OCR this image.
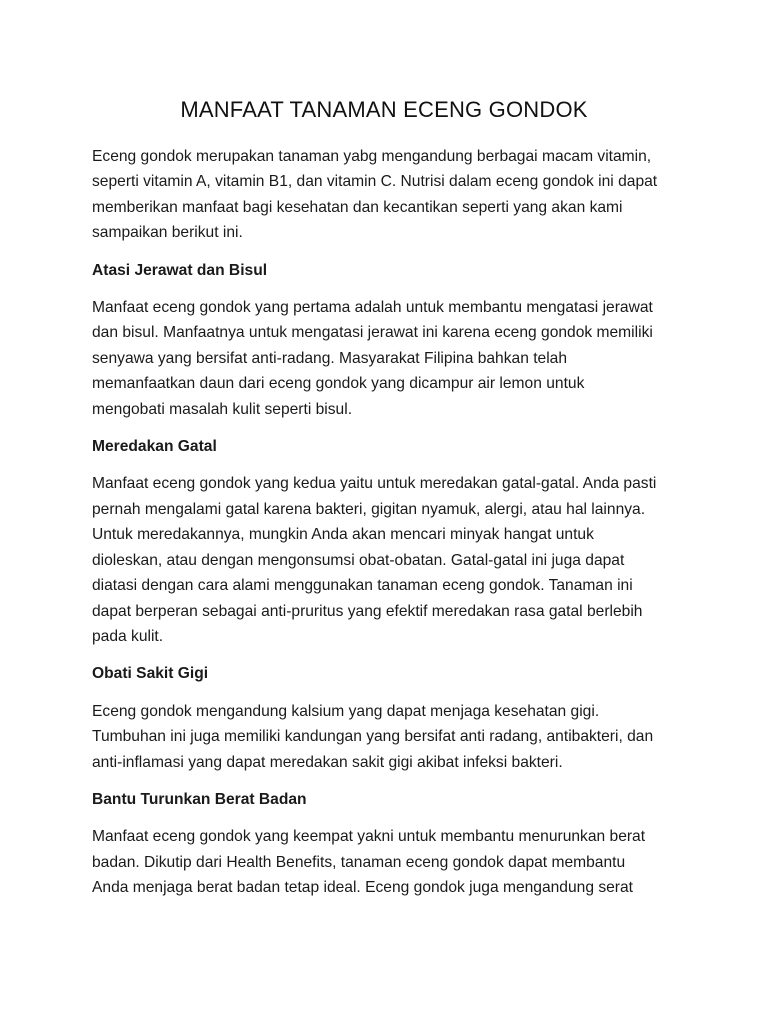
MANFAAT TANAMAN ECENG GONDOK

Eceng gondok merupakan tanaman yabg mengandung berbagai macam vitamin,
seperti vitamin A, vitamin B1, dan vitamin C. Nutrisi dalam eceng gondok ini dapat
memberikan manfaat bagi kesehatan dan kecantikan seperti yang akan kami
sampaikan berikut ini.

Atasi Jerawat dan Bisul

Manfaat eceng gondok yang pertama adalah untuk membantu mengatasi jerawat
dan bisul. Manfaatnya untuk mengatasi jerawat ini karena eceng gondok memiliki
senyawa yang bersifat anti-radang. Masyarakat Filipina bahkan telah
memanfaatkan daun dari eceng gondok yang dicampur air lemon untuk
mengobati masalah kulit seperti bisul.

Meredakan Gatal

Manfaat eceng gondok yang kedua yaitu untuk meredakan gatal-gatal. Anda pasti
pernah mengalami gatal karena bakteri, gigitan nyamuk, alergi, atau hal lainnya.
Untuk meredakannya, mungkin Anda akan mencari minyak hangat untuk
dioleskan, atau dengan mengonsumsi obat-obatan. Gatal-gatal ini juga dapat
diatasi dengan cara alami menggunakan tanaman eceng gondok. Tanaman ini
dapat berperan sebagai anti-pruritus yang efektif meredakan rasa gatal berlebih
pada kulit.

Obati Sakit Gigi

Eceng gondok mengandung kalsium yang dapat menjaga kesehatan gigi.
Tumbuhan ini juga memiliki kandungan yang bersifat anti radang, antibakteri, dan
anti-inflamasi yang dapat meredakan sakit gigi akibat infeksi bakteri.

Bantu Turunkan Berat Badan

Manfaat eceng gondok yang keempat yakni untuk membantu menurunkan berat
badan. Dikutip dari Health Benefits, tanaman eceng gondok dapat membantu
Anda menjaga berat badan tetap ideal. Eceng gondok juga mengandung serat
